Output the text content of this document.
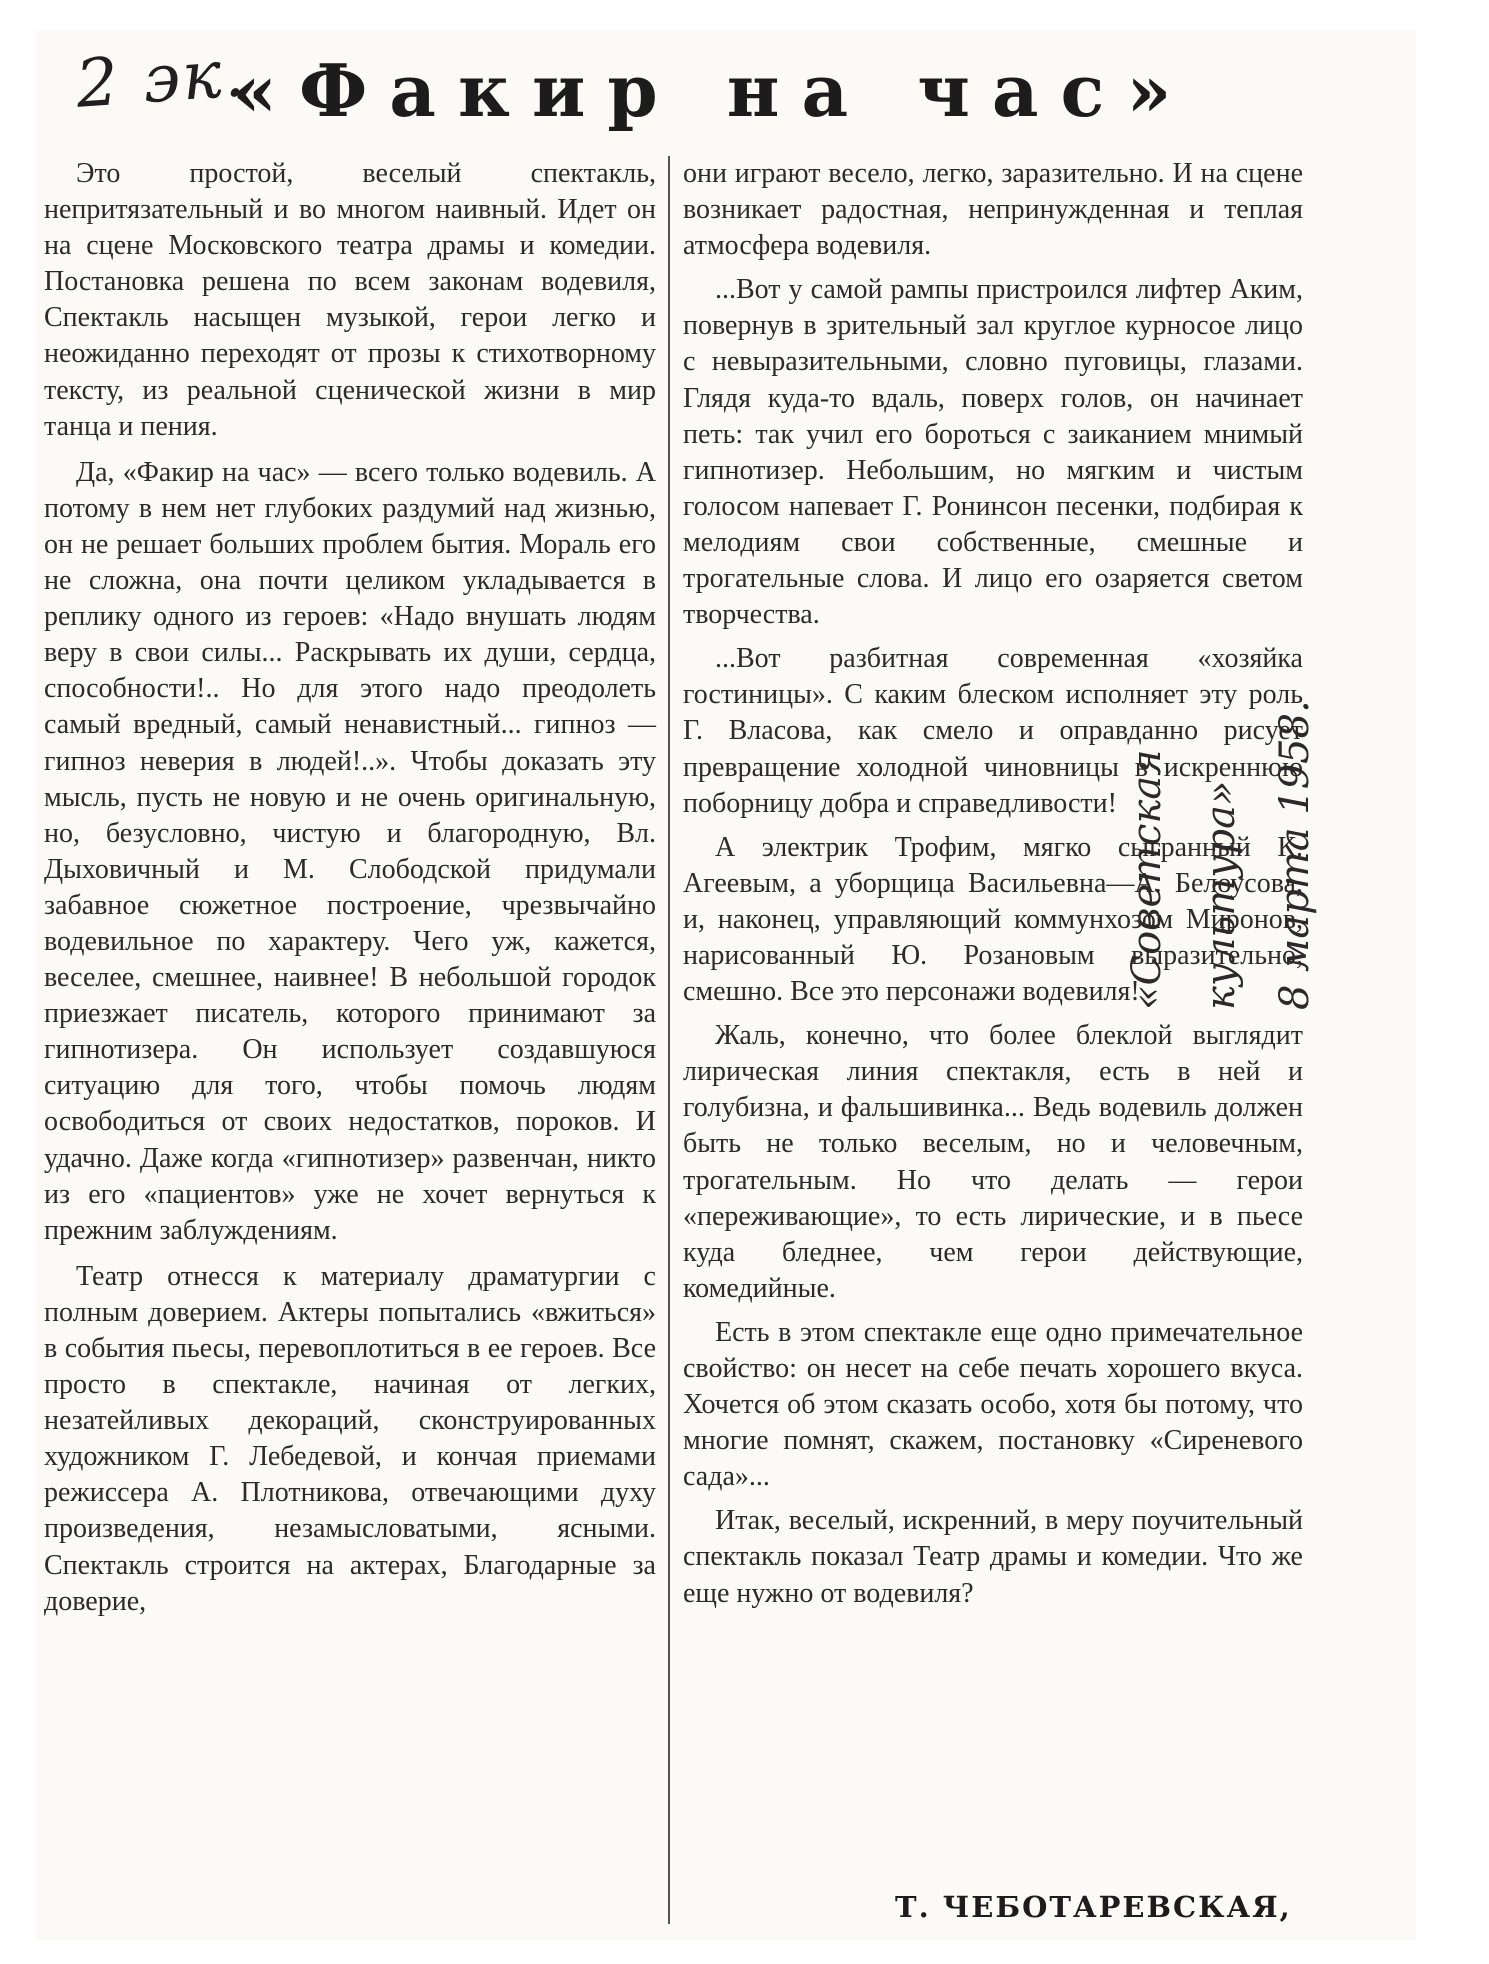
2 эк.
«Факир на час»

Это простой, веселый спектакль, непритязательный и во многом наивный. Идет он на сцене Московского театра драмы и комедии. Постановка решена по всем законам водевиля, Спектакль насыщен музыкой, герои легко и неожиданно переходят от прозы к стихотворному тексту, из реальной сценической жизни в мир танца и пения.

Да, «Факир на час» — всего только водевиль. А потому в нем нет глубоких раздумий над жизнью, он не решает больших проблем бытия. Мораль его не сложна, она почти целиком укладывается в реплику одного из героев: «Надо внушать людям веру в свои силы... Раскрывать их души, сердца, способности!.. Но для этого надо преодолеть самый вредный, самый ненавистный... гипноз — гипноз неверия в людей!..». Чтобы доказать эту мысль, пусть не новую и не очень оригинальную, но, безусловно, чистую и благородную, Вл. Дыховичный и М. Слободской придумали забавное сюжетное построение, чрезвычайно водевильное по характеру. Чего уж, кажется, веселее, смешнее, наивнее! В небольшой городок приезжает писатель, которого принимают за гипнотизера. Он использует создавшуюся ситуацию для того, чтобы помочь людям освободиться от своих недостатков, пороков. И удачно. Даже когда «гипнотизер» развенчан, никто из его «пациентов» уже не хочет вернуться к прежним заблуждениям.

Театр отнесся к материалу драматургии с полным доверием. Актеры попытались «вжиться» в события пьесы, перевоплотиться в ее героев. Все просто в спектакле, начиная от легких, незатейливых декораций, сконструированных художником Г. Лебедевой, и кончая приемами режиссера А. Плотникова, отвечающими духу произведения, незамысловатыми, ясными. Спектакль строится на актерах, Благодарные за доверие,

они играют весело, легко, заразительно. И на сцене возникает радостная, непринужденная и теплая атмосфера водевиля.

...Вот у самой рампы пристроился лифтер Аким, повернув в зрительный зал круглое курносое лицо с невыразительными, словно пуговицы, глазами. Глядя куда-то вдаль, поверх голов, он начинает петь: так учил его бороться с заиканием мнимый гипнотизер. Небольшим, но мягким и чистым голосом напевает Г. Ронинсон песенки, подбирая к мелодиям свои собственные, смешные и трогательные слова. И лицо его озаряется светом творчества.

...Вот разбитная современная «хозяйка гостиницы». С каким блеском исполняет эту роль Г. Власова, как смело и оправданно рисует превращение холодной чиновницы в искреннюю поборницу добра и справедливости!

А электрик Трофим, мягко сыгранный К. Агеевым, а уборщица Васильевна—А. Белоусова, и, наконец, управляющий коммунхозом Миронов, нарисованный Ю. Розановым выразительно, смешно. Все это персонажи водевиля!

Жаль, конечно, что более блеклой выглядит лирическая линия спектакля, есть в ней и голубизна, и фальшивинка... Ведь водевиль должен быть не только веселым, но и человечным, трогательным. Но что делать — герои «переживающие», то есть лирические, и в пьесе куда бледнее, чем герои действующие, комедийные.

Есть в этом спектакле еще одно примечательное свойство: он несет на себе печать хорошего вкуса. Хочется об этом сказать особо, хотя бы потому, что многие помнят, скажем, постановку «Сиреневого сада»...

Итак, веселый, искренний, в меру поучительный спектакль показал Театр драмы и комедии. Что же еще нужно от водевиля?

Т. ЧЕБОТАРЕВСКАЯ,
«Советская культура» 8 марта 1958.
